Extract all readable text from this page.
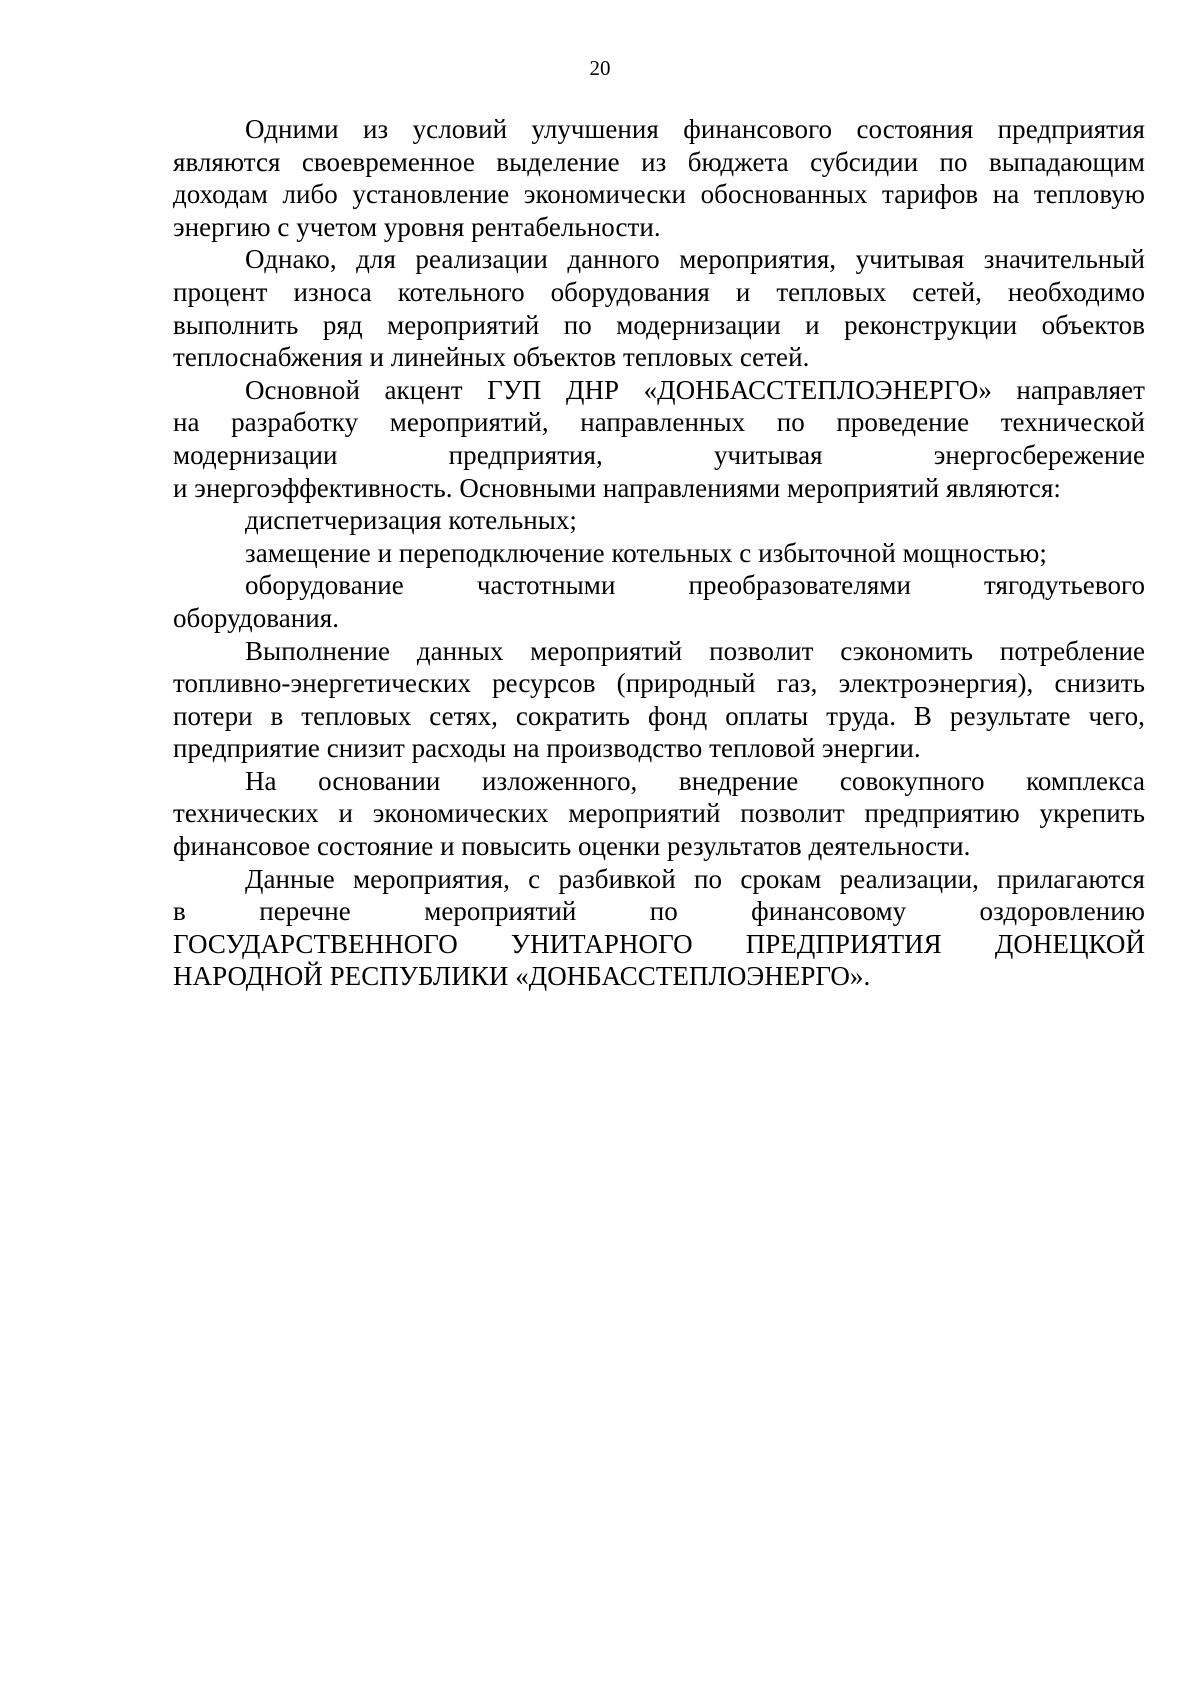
20

Одними из условий улучшения финансового состояния предприятия
являются своевременное выделение из бюджета субсидии по выпадающим
доходам либо установление экономически обоснованных тарифов на тепловую
энергию с учетом уровня рентабельности.

Однако, для реализации данного мероприятия, учитывая значительный
процент износа котельного оборудования и тепловых сетей, необходимо
выполнить ряд мероприятий по модернизации и реконструкции объектов
теплоснабжения и линейных объектов тепловых сетей.

Основной акцент ГУП ДНР «ДОНБАССТЕПЛОЭНЕРГО» направляет
на разработку мероприятий, направленных по проведение технической
модернизации предприятия, учитывая энергосбережение
и энергоэффективность. Основными направлениями мероприятий являются:

диспетчеризация котельных;

замещение и переподключение котельных с избыточной мощностью;

оборудование частотными преобразователями тягодутьевого
оборудования.

Выполнение данных мероприятий позволит сэкономить потребление
топливно-энергетических ресурсов (природный газ, электроэнергия), снизить
потери в тепловых сетях, сократить фонд оплаты труда. В результате чего,
предприятие снизит расходы на производство тепловой энергии.

На основании изложенного, внедрение совокупного комплекса
технических и экономических мероприятий позволит предприятию укрепить
финансовое состояние и повысить оценки результатов деятельности.

Данные мероприятия, с разбивкой по срокам реализации, прилагаются
в перечне мероприятий по финансовому оздоровлению
ГОСУДАРСТВЕННОГО УНИТАРНОГО ПРЕДПРИЯТИЯ ДОНЕЦКОЙ
НАРОДНОЙ РЕСПУБЛИКИ «ДОНБАССТЕПЛОЭНЕРГО».
